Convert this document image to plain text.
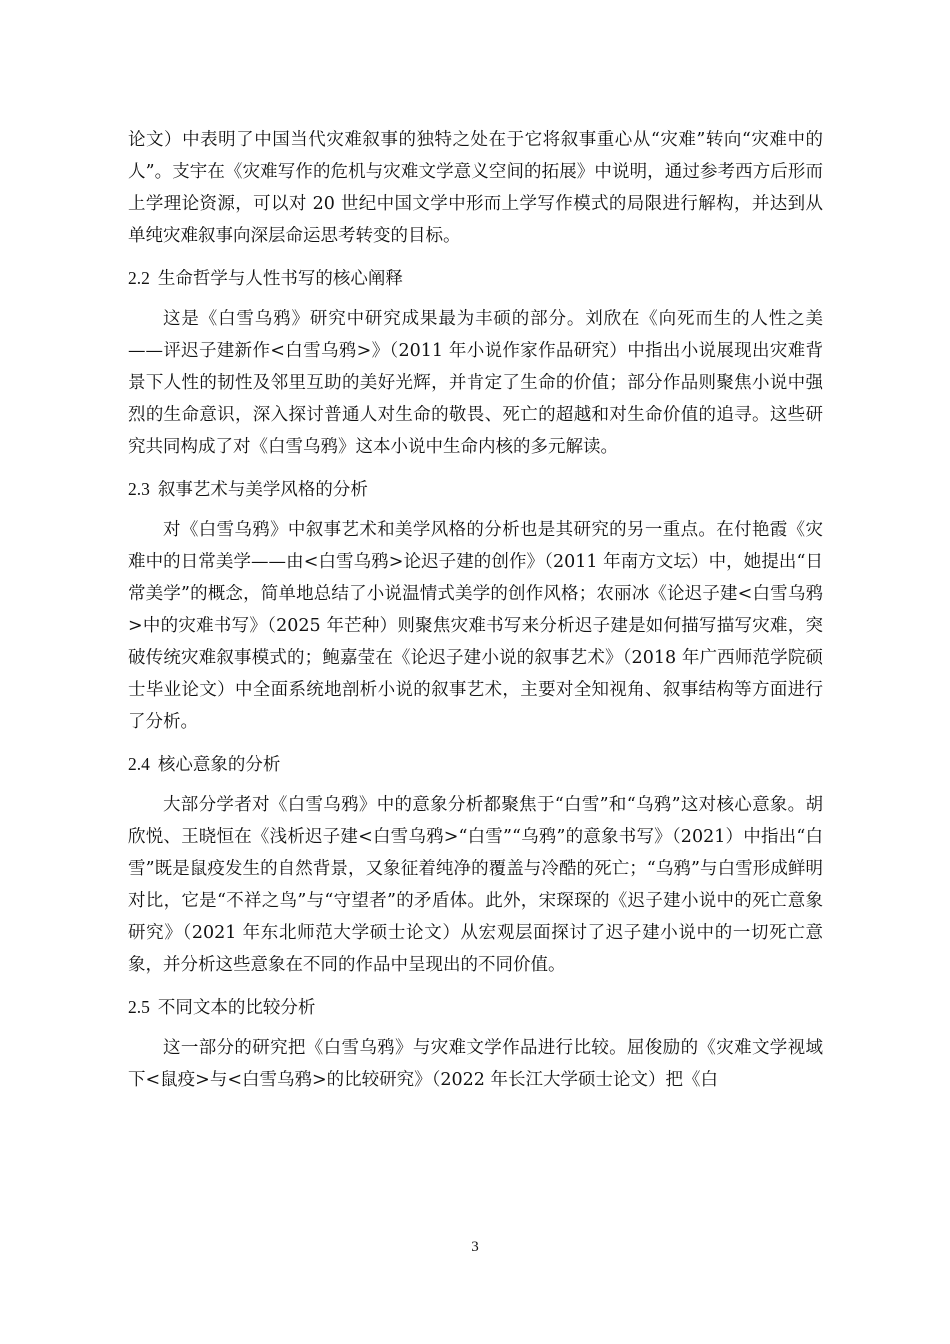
论文）中表明了中国当代灾难叙事的独特之处在于它将叙事重心从“灾难”转向“灾难中的人”。支宇在《灾难写作的危机与灾难文学意义空间的拓展》中说明，通过参考西方后形而上学理论资源，可以对 20 世纪中国文学中形而上学写作模式的局限进行解构，并达到从单纯灾难叙事向深层命运思考转变的目标。

2.2 生命哲学与人性书写的核心阐释

这是《白雪乌鸦》研究中研究成果最为丰硕的部分。刘欣在《向死而生的人性之美——评迟子建新作<白雪乌鸦>》（2011 年小说作家作品研究）中指出小说展现出灾难背景下人性的韧性及邻里互助的美好光辉，并肯定了生命的价值；部分作品则聚焦小说中强烈的生命意识，深入探讨普通人对生命的敬畏、死亡的超越和对生命价值的追寻。这些研究共同构成了对《白雪乌鸦》这本小说中生命内核的多元解读。

2.3 叙事艺术与美学风格的分析

对《白雪乌鸦》中叙事艺术和美学风格的分析也是其研究的另一重点。在付艳霞《灾难中的日常美学——由<白雪乌鸦>论迟子建的创作》（2011 年南方文坛）中，她提出“日常美学”的概念，简单地总结了小说温情式美学的创作风格；农丽冰《论迟子建<白雪乌鸦>中的灾难书写》（2025 年芒种）则聚焦灾难书写来分析迟子建是如何描写描写灾难，突破传统灾难叙事模式的；鲍嘉莹在《论迟子建小说的叙事艺术》（2018 年广西师范学院硕士毕业论文）中全面系统地剖析小说的叙事艺术，主要对全知视角、叙事结构等方面进行了分析。

2.4 核心意象的分析

大部分学者对《白雪乌鸦》中的意象分析都聚焦于“白雪”和“乌鸦”这对核心意象。胡欣悦、王晓恒在《浅析迟子建<白雪乌鸦>“白雪”“乌鸦”的意象书写》（2021）中指出“白雪”既是鼠疫发生的自然背景，又象征着纯净的覆盖与冷酷的死亡；“乌鸦”与白雪形成鲜明对比，它是“不祥之鸟”与“守望者”的矛盾体。此外，宋琛琛的《迟子建小说中的死亡意象研究》（2021 年东北师范大学硕士论文）从宏观层面探讨了迟子建小说中的一切死亡意象，并分析这些意象在不同的作品中呈现出的不同价值。

2.5 不同文本的比较分析

这一部分的研究把《白雪乌鸦》与灾难文学作品进行比较。屈俊励的《灾难文学视域下<鼠疫>与<白雪乌鸦>的比较研究》（2022 年长江大学硕士论文）把《白

3
